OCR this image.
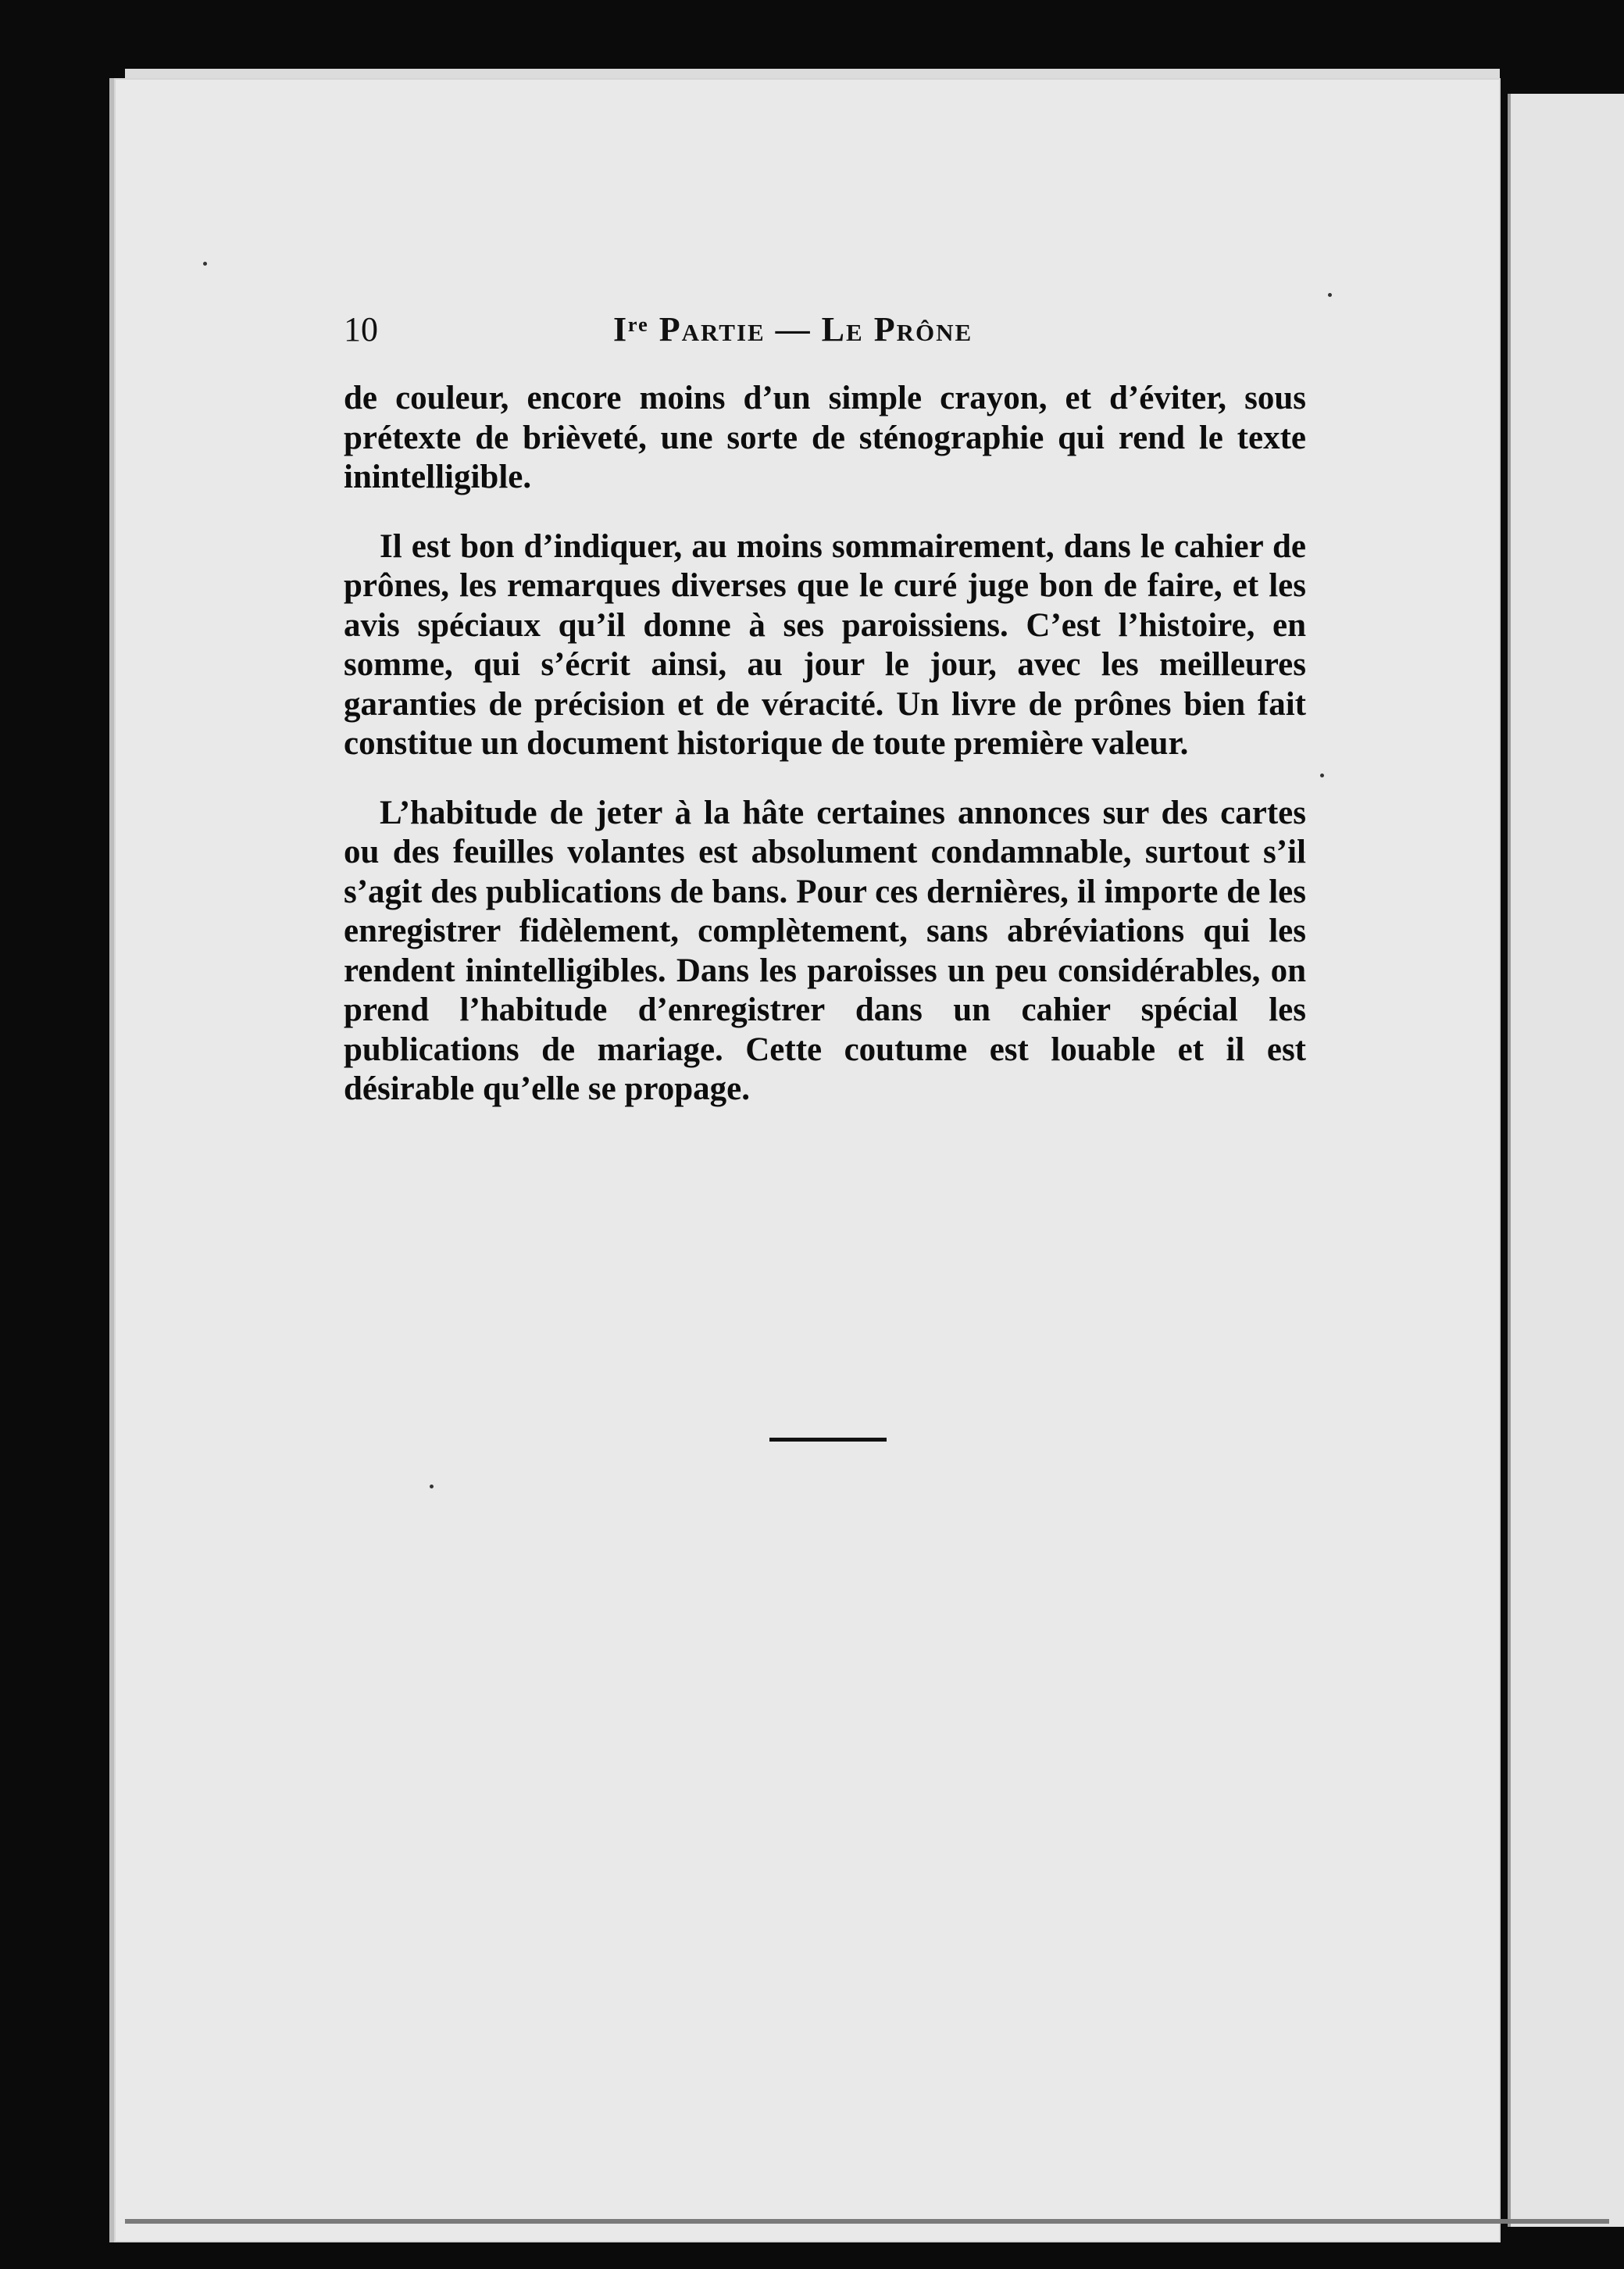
10	Iʳᵉ Partie — Le Prône

de couleur, encore moins d’un simple crayon, et d’éviter, sous prétexte de brièveté, une sorte de sténographie qui rend le texte inintelligible.

Il est bon d’indiquer, au moins sommairement, dans le cahier de prônes, les remarques diverses que le curé juge bon de faire, et les avis spéciaux qu’il donne à ses paroissiens. C’est l’histoire, en somme, qui s’écrit ainsi, au jour le jour, avec les meilleures garanties de précision et de véracité. Un livre de prônes bien fait constitue un document historique de toute première valeur.

L’habitude de jeter à la hâte certaines annonces sur des cartes ou des feuilles volantes est absolument condamnable, surtout s’il s’agit des publications de bans. Pour ces dernières, il importe de les enregistrer fidèlement, complètement, sans abréviations qui les rendent inintelligibles. Dans les paroisses un peu considérables, on prend l’habitude d’enregistrer dans un cahier spécial les publications de mariage. Cette coutume est louable et il est désirable qu’elle se propage.
